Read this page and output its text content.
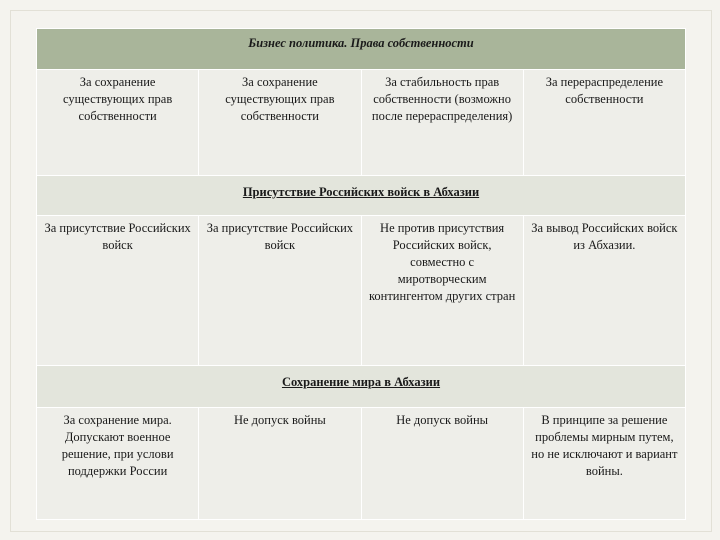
Бизнес политика. Права собственности			
За сохранение существующих прав собственности	За сохранение существующих прав собственности	За стабильность прав собственности (возможно после перераспределения)	За перераспределение собственности
Присутствие Российских войск в Абхазии			
За присутствие Российских войск	За присутствие Российских войск	Не против присутствия Российских войск, совместно с миротворческим контингентом других стран	За вывод Российских войск из Абхазии.
Сохранение мира в Абхазии			
За сохранение мира. Допускают военное решение, при услови поддержки России	Не допуск войны	Не допуск войны	В принципе за решение проблемы мирным путем, но не исключают и вариант войны.
